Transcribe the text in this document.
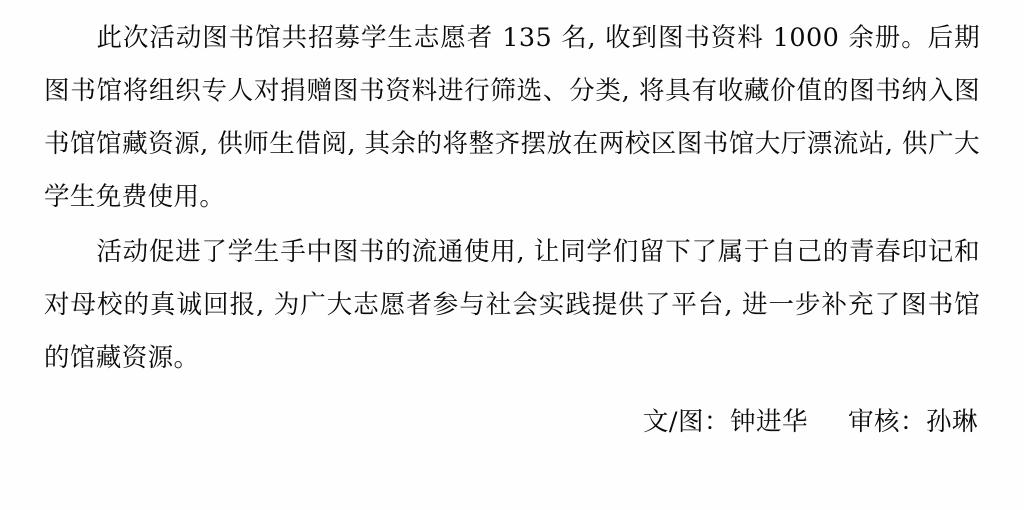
此次活动图书馆共招募学生志愿者 135 名, 收到图书资料 1000 余册。后期图书馆将组织专人对捐赠图书资料进行筛选、分类, 将具有收藏价值的图书纳入图书馆馆藏资源, 供师生借阅, 其余的将整齐摆放在两校区图书馆大厅漂流站, 供广大学生免费使用。

活动促进了学生手中图书的流通使用, 让同学们留下了属于自己的青春印记和对母校的真诚回报, 为广大志愿者参与社会实践提供了平台, 进一步补充了图书馆的馆藏资源。

文/图：钟进华 审核：孙琳
